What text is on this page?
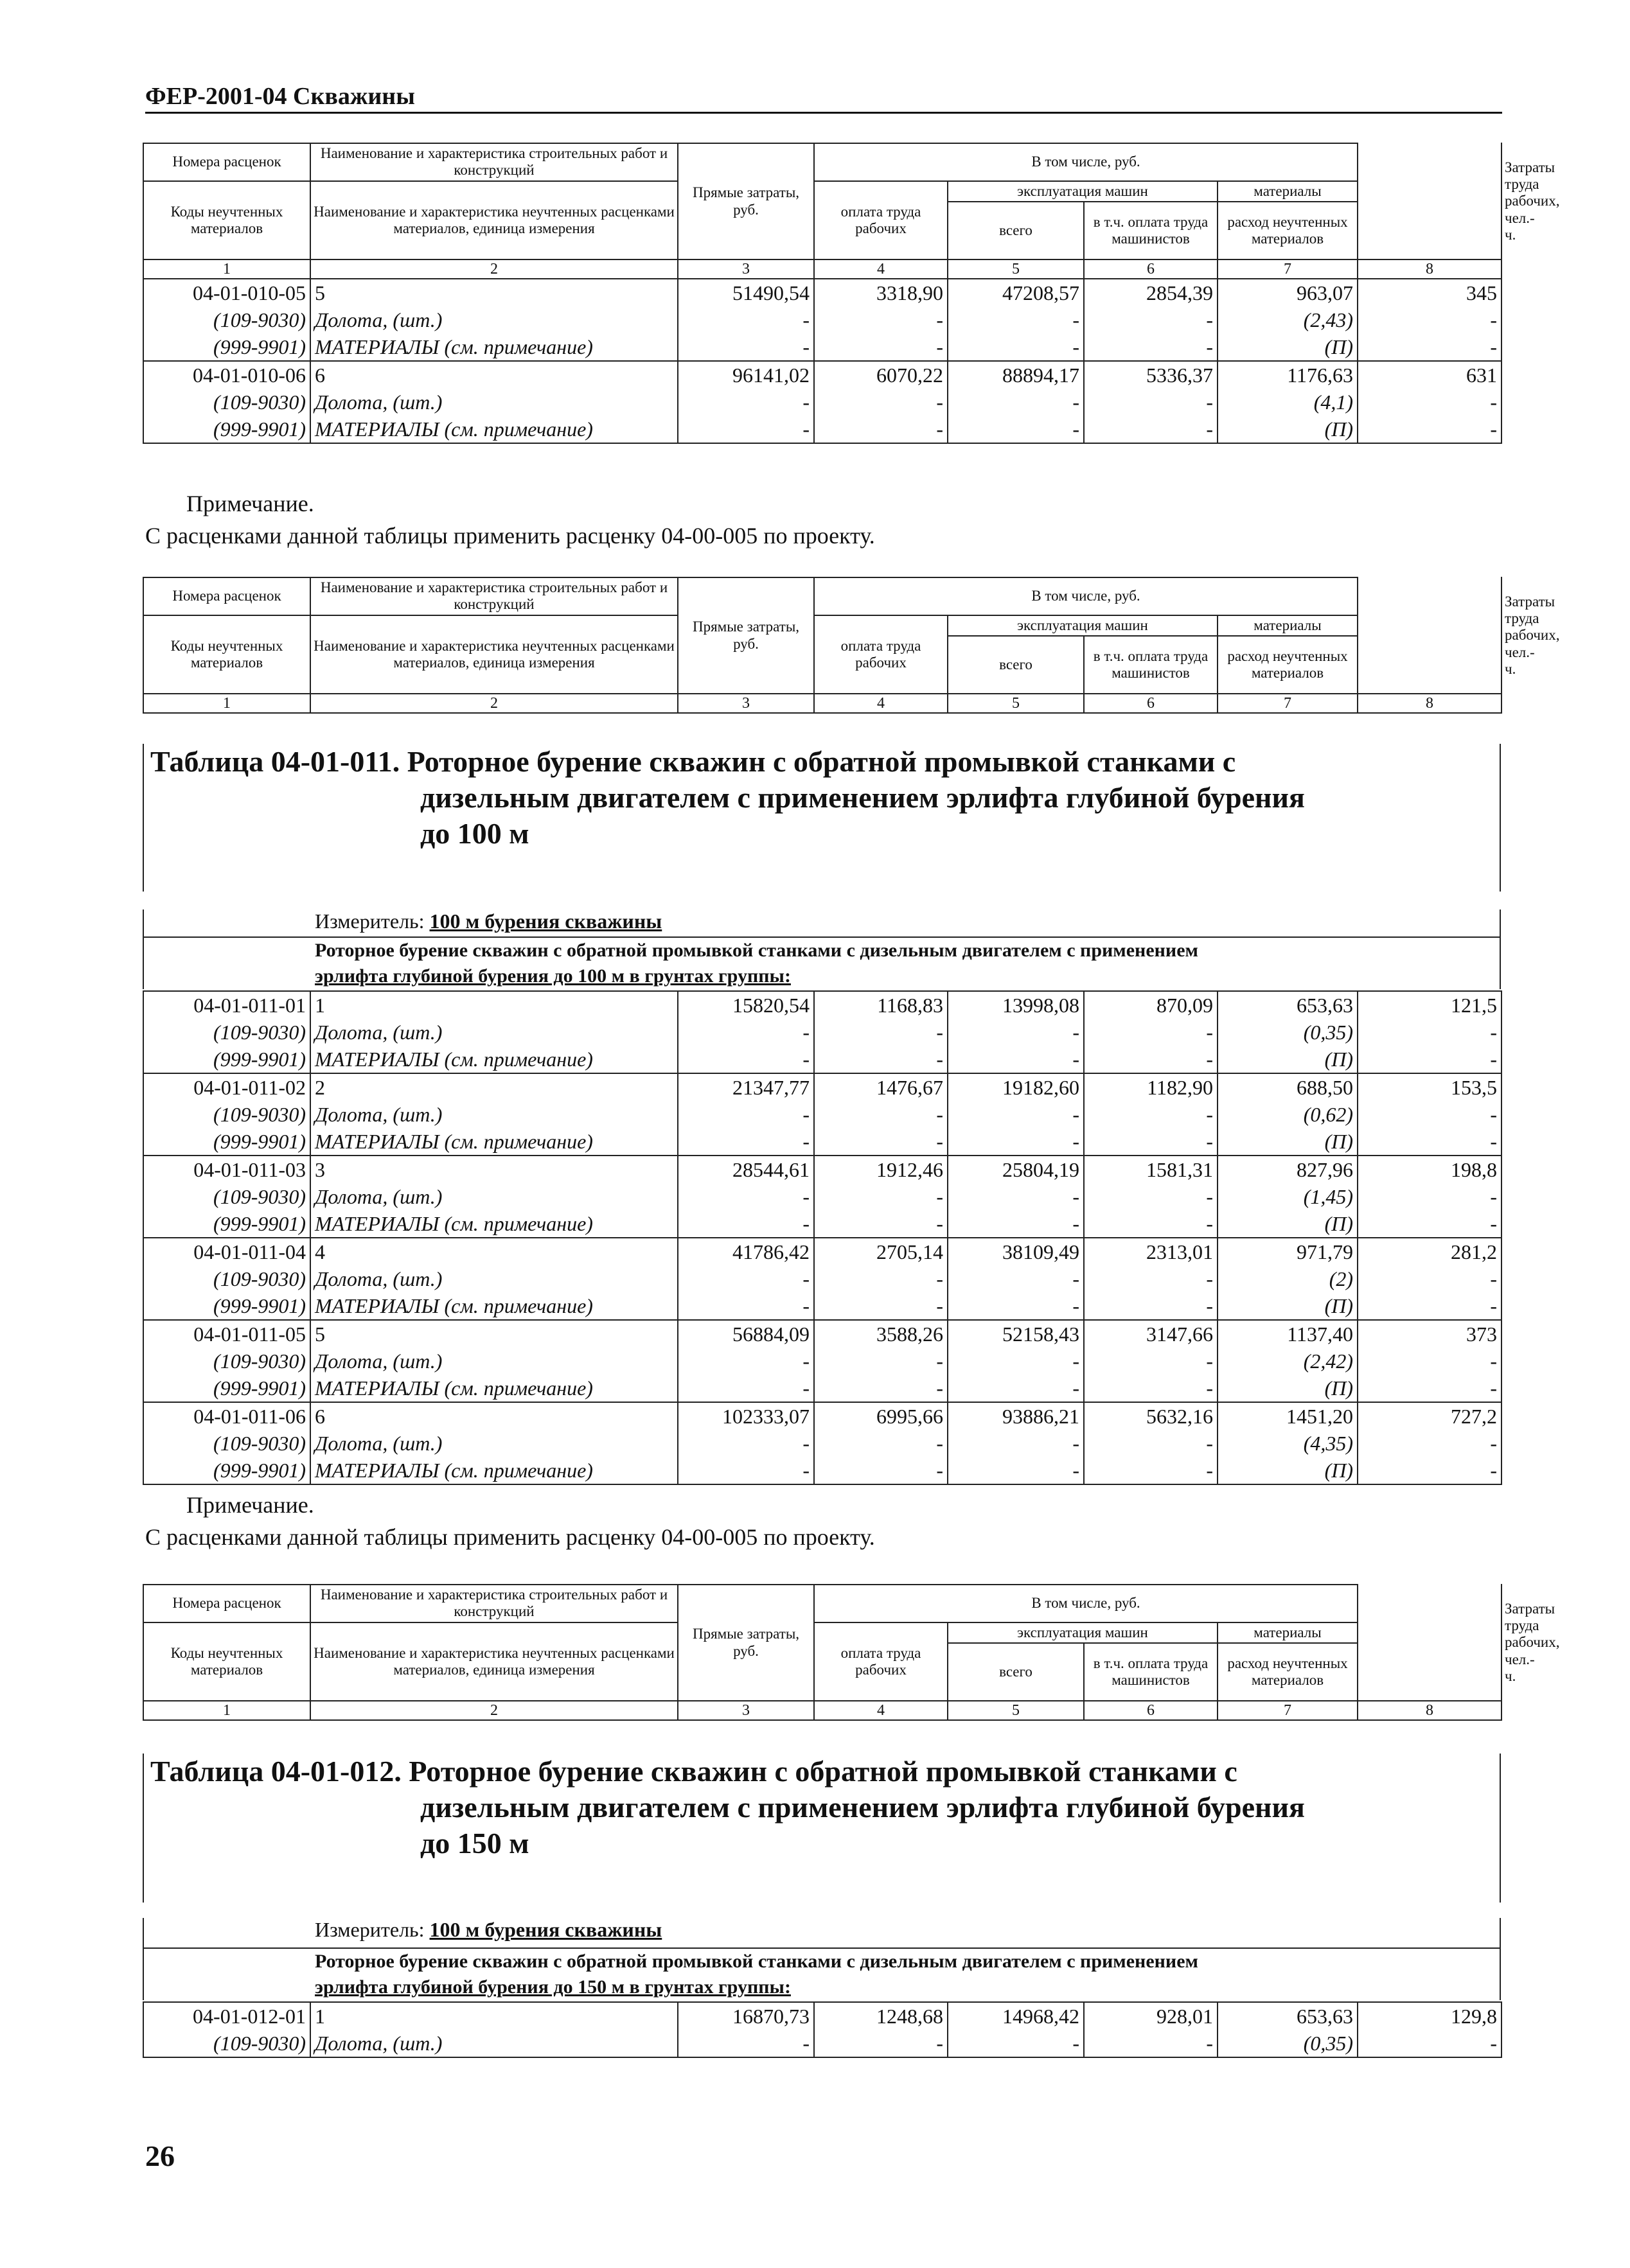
ФЕР-2001-04 Скважины
Номера расценок	Наименование и характеристика строительных работ и конструкций	Прямые затраты, руб.	В том числе, руб.					Затраты труда рабочих, чел.-ч.
Коды неучтенных материалов	Наименование и характеристика неучтенных расценками материалов, единица измерения		оплата труда рабочих	эксплуатация машин		материалы		
				всего	в т.ч. оплата труда машинистов	расход неучтенных материалов		

1	2	3	4	5	6	7	8	
04-01-010-05	5	51490,54	3318,90	47208,57	2854,39	963,07	345	
(109-9030)	Долота, (шт.)	-	-	-	-	(2,43)	-	
(999-9901)	МАТЕРИАЛЫ (см. примечание)	-	-	-	-	(П)	-	
04-01-010-06	6	96141,02	6070,22	88894,17	5336,37	1176,63	631	
(109-9030)	Долота, (шт.)	-	-	-	-	(4,1)	-	
(999-9901)	МАТЕРИАЛЫ (см. примечание)	-	-	-	-	(П)	-	
Примечание.
С расценками данной таблицы применить расценку 04-00-005 по проекту.
Номера расценок	Наименование и характеристика строительных работ и конструкций	Прямые затраты, руб.	В том числе, руб.					Затраты труда рабочих, чел.-ч.
Коды неучтенных материалов	Наименование и характеристика неучтенных расценками материалов, единица измерения		оплата труда рабочих	эксплуатация машин		материалы		
				всего	в т.ч. оплата труда машинистов	расход неучтенных материалов		

1	2	3	4	5	6	7	8	
Таблица 04-01-011. Роторное бурение скважин с обратной промывкой станками с
дизельным двигателем с применением эрлифта глубиной бурения
до 100 м
Измеритель: 100 м бурения скважины
Роторное бурение скважин с обратной промывкой станками с дизельным двигателем с применением
эрлифта глубиной бурения до 100 м в грунтах группы:
04-01-011-01	1	15820,54	1168,83	13998,08	870,09	653,63	121,5
(109-9030)	Долота, (шт.)	-	-	-	-	(0,35)	-
(999-9901)	МАТЕРИАЛЫ (см. примечание)	-	-	-	-	(П)	-
04-01-011-02	2	21347,77	1476,67	19182,60	1182,90	688,50	153,5
(109-9030)	Долота, (шт.)	-	-	-	-	(0,62)	-
(999-9901)	МАТЕРИАЛЫ (см. примечание)	-	-	-	-	(П)	-
04-01-011-03	3	28544,61	1912,46	25804,19	1581,31	827,96	198,8
(109-9030)	Долота, (шт.)	-	-	-	-	(1,45)	-
(999-9901)	МАТЕРИАЛЫ (см. примечание)	-	-	-	-	(П)	-
04-01-011-04	4	41786,42	2705,14	38109,49	2313,01	971,79	281,2
(109-9030)	Долота, (шт.)	-	-	-	-	(2)	-
(999-9901)	МАТЕРИАЛЫ (см. примечание)	-	-	-	-	(П)	-
04-01-011-05	5	56884,09	3588,26	52158,43	3147,66	1137,40	373
(109-9030)	Долота, (шт.)	-	-	-	-	(2,42)	-
(999-9901)	МАТЕРИАЛЫ (см. примечание)	-	-	-	-	(П)	-
04-01-011-06	6	102333,07	6995,66	93886,21	5632,16	1451,20	727,2
(109-9030)	Долота, (шт.)	-	-	-	-	(4,35)	-
(999-9901)	МАТЕРИАЛЫ (см. примечание)	-	-	-	-	(П)	-
Примечание.
С расценками данной таблицы применить расценку 04-00-005 по проекту.
Номера расценок	Наименование и характеристика строительных работ и конструкций	Прямые затраты, руб.	В том числе, руб.					Затраты труда рабочих, чел.-ч.
Коды неучтенных материалов	Наименование и характеристика неучтенных расценками материалов, единица измерения		оплата труда рабочих	эксплуатация машин		материалы		
				всего	в т.ч. оплата труда машинистов	расход неучтенных материалов		

1	2	3	4	5	6	7	8	
Таблица 04-01-012. Роторное бурение скважин с обратной промывкой станками с
дизельным двигателем с применением эрлифта глубиной бурения
до 150 м
Измеритель: 100 м бурения скважины
Роторное бурение скважин с обратной промывкой станками с дизельным двигателем с применением
эрлифта глубиной бурения до 150 м в грунтах группы:
04-01-012-01	1	16870,73	1248,68	14968,42	928,01	653,63	129,8
(109-9030)	Долота, (шт.)	-	-	-	-	(0,35)	-
26
